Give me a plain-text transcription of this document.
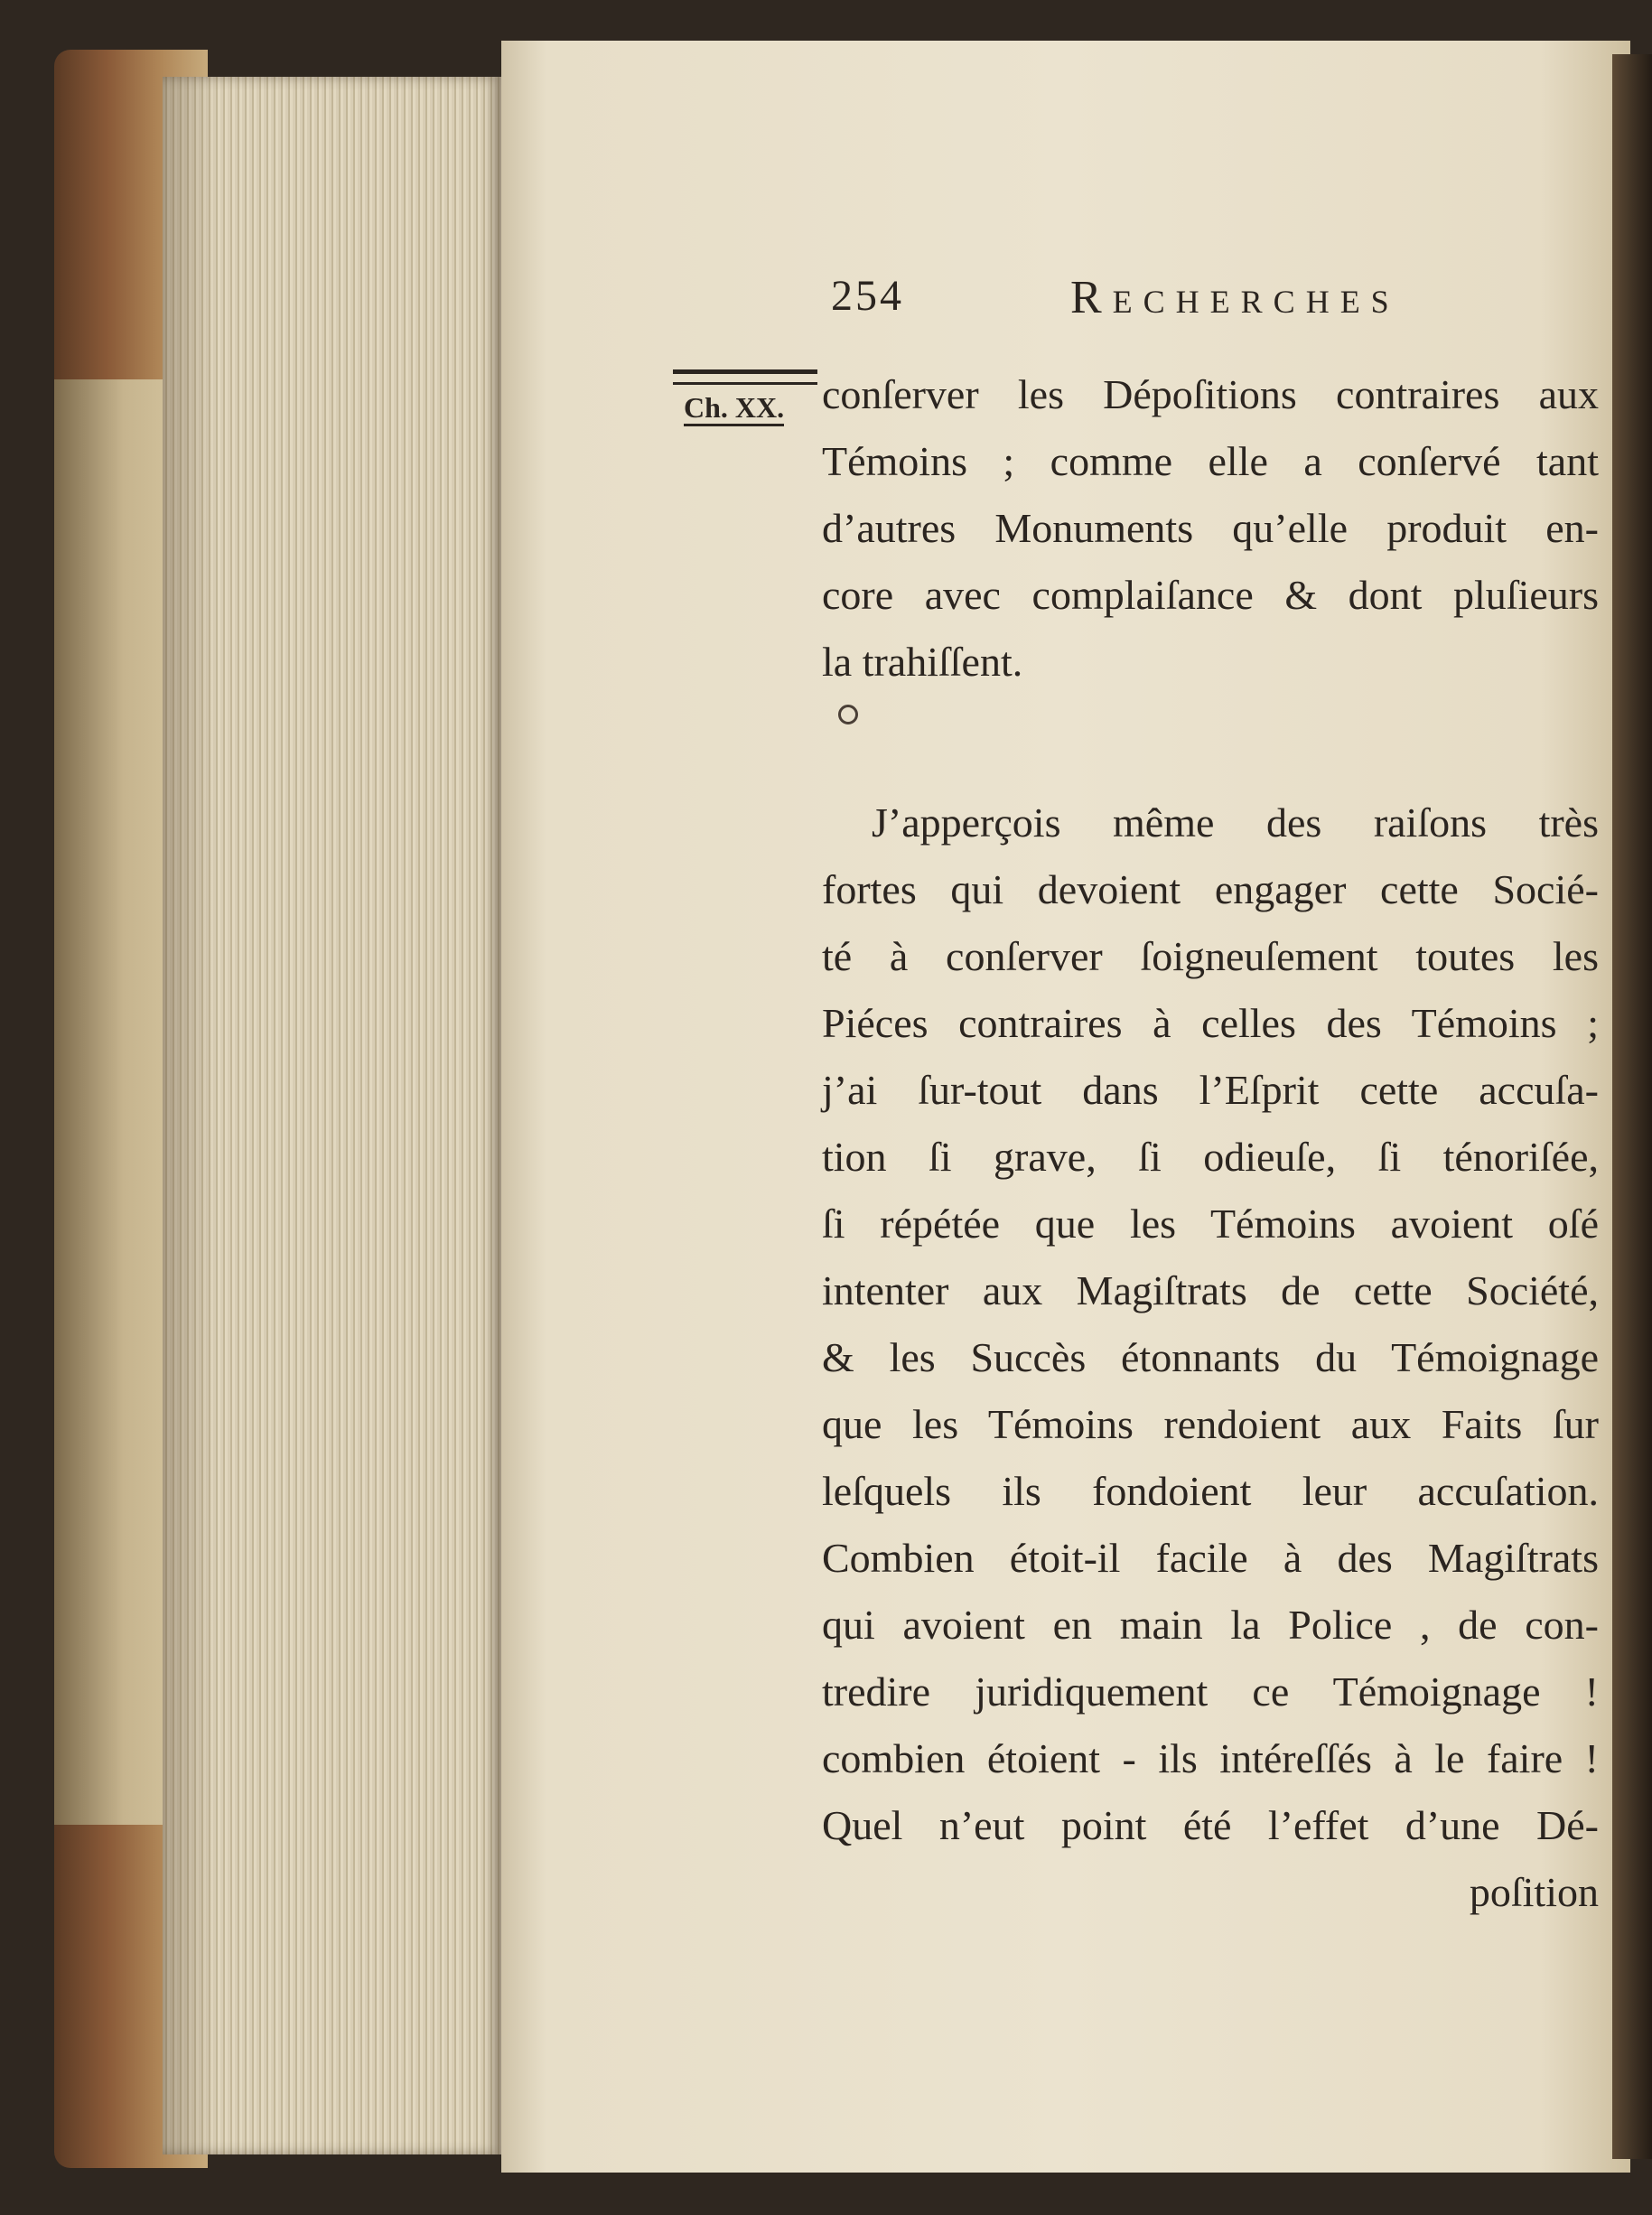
254	Recherches
Ch. XX. conſerver les Dépoſitions contraires aux
Témoins ; comme elle a conſervé tant
d’autres Monuments qu’elle produit en-
core avec complaiſance & dont pluſieurs
la trahiſſent.
J’apperçois même des raiſons très
fortes qui devoient engager cette Socié-
té à conſerver ſoigneuſement toutes les
Piéces contraires à celles des Témoins ;
j’ai ſur-tout dans l’Eſprit cette accuſa-
tion ſi grave, ſi odieuſe, ſi ténoriſée,
ſi répétée que les Témoins avoient oſé
intenter aux Magiſtrats de cette Société,
& les Succès étonnants du Témoignage
que les Témoins rendoient aux Faits ſur
leſquels ils fondoient leur accuſation.
Combien étoit-il facile à des Magiſtrats
qui avoient en main la Police , de con-
tredire juridiquement ce Témoignage !
combien étoient - ils intéreſſés à le faire !
Quel n’eut point été l’effet d’une Dé-
poſition
